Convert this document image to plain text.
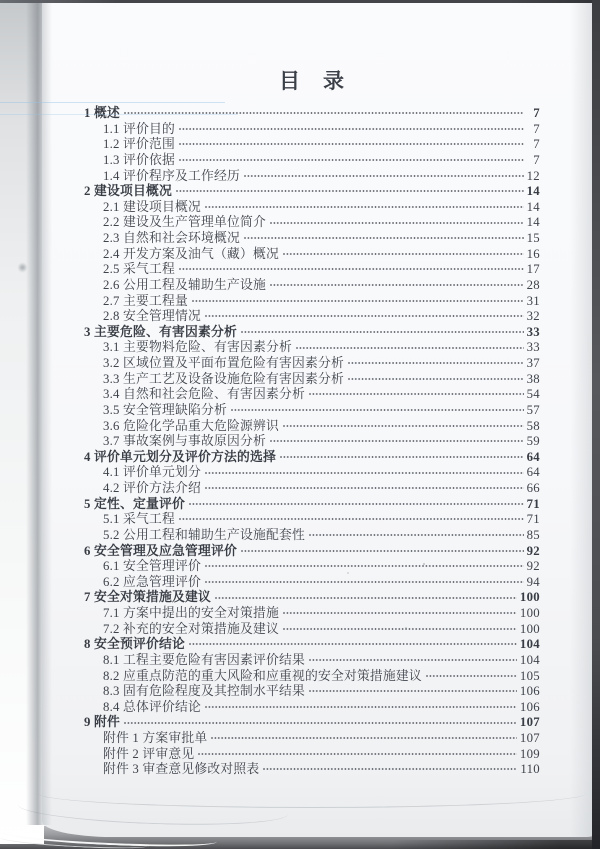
目　录
1 概述	7
1.1 评价目的	7
1.2 评价范围	7
1.3 评价依据	7
1.4 评价程序及工作经历	12
2 建设项目概况	14
2.1 建设项目概况	14
2.2 建设及生产管理单位简介	14
2.3 自然和社会环境概况	15
2.4 开发方案及油气（藏）概况	16
2.5 采气工程	17
2.6 公用工程及辅助生产设施	28
2.7 主要工程量	31
2.8 安全管理情况	32
3 主要危险、有害因素分析	33
3.1 主要物料危险、有害因素分析	33
3.2 区域位置及平面布置危险有害因素分析	37
3.3 生产工艺及设备设施危险有害因素分析	38
3.4 自然和社会危险、有害因素分析	54
3.5 安全管理缺陷分析	57
3.6 危险化学品重大危险源辨识	58
3.7 事故案例与事故原因分析	59
4 评价单元划分及评价方法的选择	64
4.1 评价单元划分	64
4.2 评价方法介绍	66
5 定性、定量评价	71
5.1 采气工程	71
5.2 公用工程和辅助生产设施配套性	85
6 安全管理及应急管理评价	92
6.1 安全管理评价	92
6.2 应急管理评价	94
7 安全对策措施及建议	100
7.1 方案中提出的安全对策措施	100
7.2 补充的安全对策措施及建议	100
8 安全预评价结论	104
8.1 工程主要危险有害因素评价结果	104
8.2 应重点防范的重大风险和应重视的安全对策措施建议	105
8.3 固有危险程度及其控制水平结果	106
8.4 总体评价结论	106
9 附件	107
附件 1 方案审批单	107
附件 2 评审意见	109
附件 3 审查意见修改对照表	110
